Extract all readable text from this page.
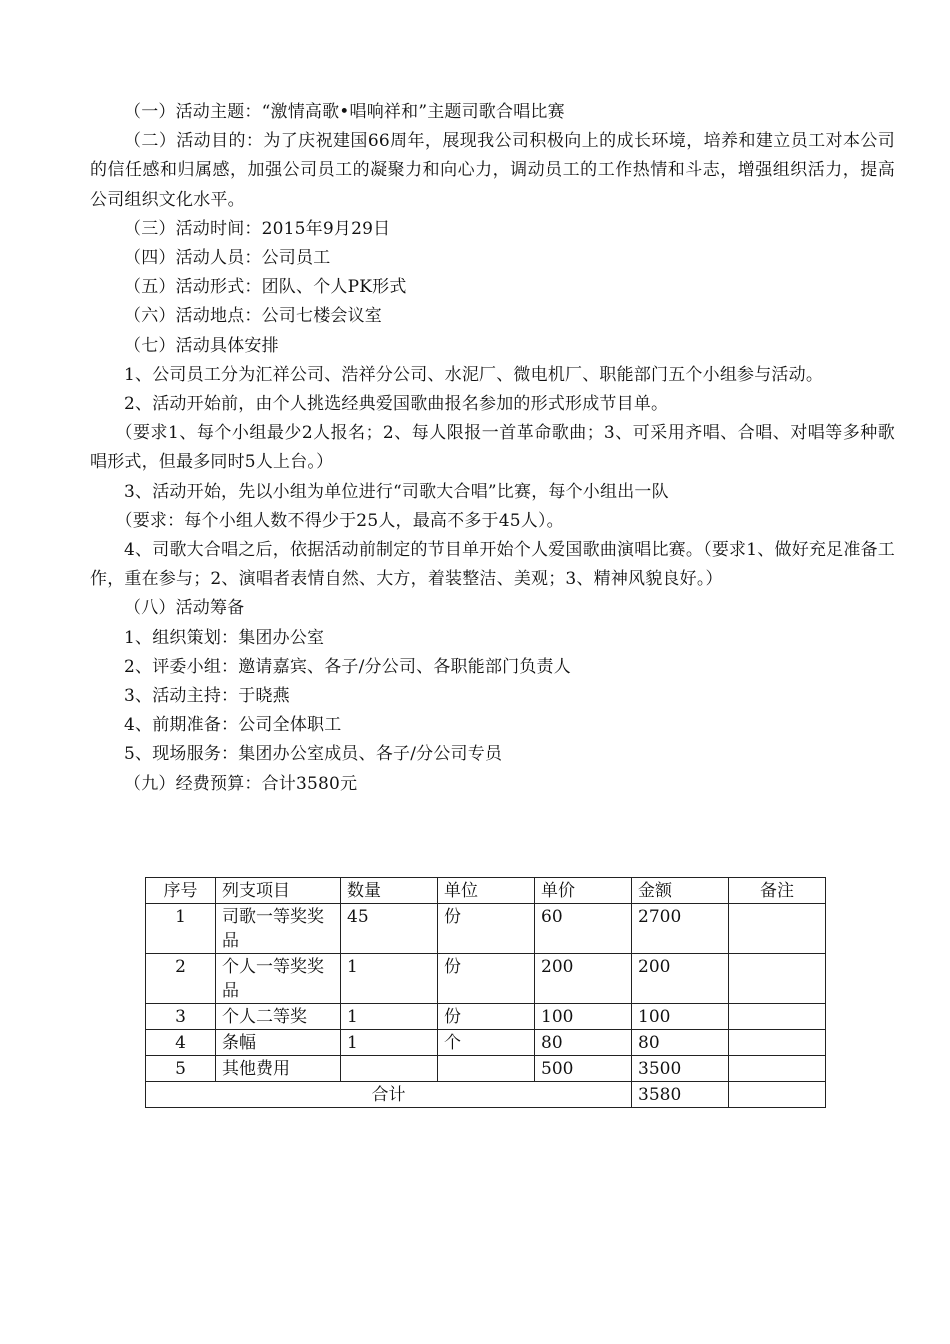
（一）活动主题：“激情高歌•唱响祥和”主题司歌合唱比赛

（二）活动目的：为了庆祝建国66周年，展现我公司积极向上的成长环境，培养和建立员工对本公司的信任感和归属感，加强公司员工的凝聚力和向心力，调动员工的工作热情和斗志，增强组织活力，提高公司组织文化水平。

（三）活动时间：2015年9月29日

（四）活动人员：公司员工

（五）活动形式：团队、个人PK形式

（六）活动地点：公司七楼会议室

（七）活动具体安排

1、公司员工分为汇祥公司、浩祥分公司、水泥厂、微电机厂、职能部门五个小组参与活动。

2、活动开始前，由个人挑选经典爱国歌曲报名参加的形式形成节目单。

（要求1、每个小组最少2人报名；2、每人限报一首革命歌曲；3、可采用齐唱、合唱、对唱等多种歌唱形式，但最多同时5人上台。）

3、活动开始，先以小组为单位进行“司歌大合唱”比赛，每个小组出一队

（要求：每个小组人数不得少于25人，最高不多于45人）。

4、司歌大合唱之后，依据活动前制定的节目单开始个人爱国歌曲演唱比赛。（要求1、做好充足准备工作，重在参与；2、演唱者表情自然、大方，着装整洁、美观；3、精神风貌良好。）

（八）活动筹备

1、组织策划：集团办公室

2、评委小组：邀请嘉宾、各子/分公司、各职能部门负责人

3、活动主持：于晓燕

4、前期准备：公司全体职工

5、现场服务：集团办公室成员、各子/分公司专员

（九）经费预算：合计3580元

序号	列支项目	数量	单位	单价	金额	备注
1	司歌一等奖奖品	45	份	60	2700	
2	个人一等奖奖品	1	份	200	200	
3	个人二等奖	1	份	100	100	
4	条幅	1	个	80	80	
5	其他费用			500	3500	
合计					3580	
